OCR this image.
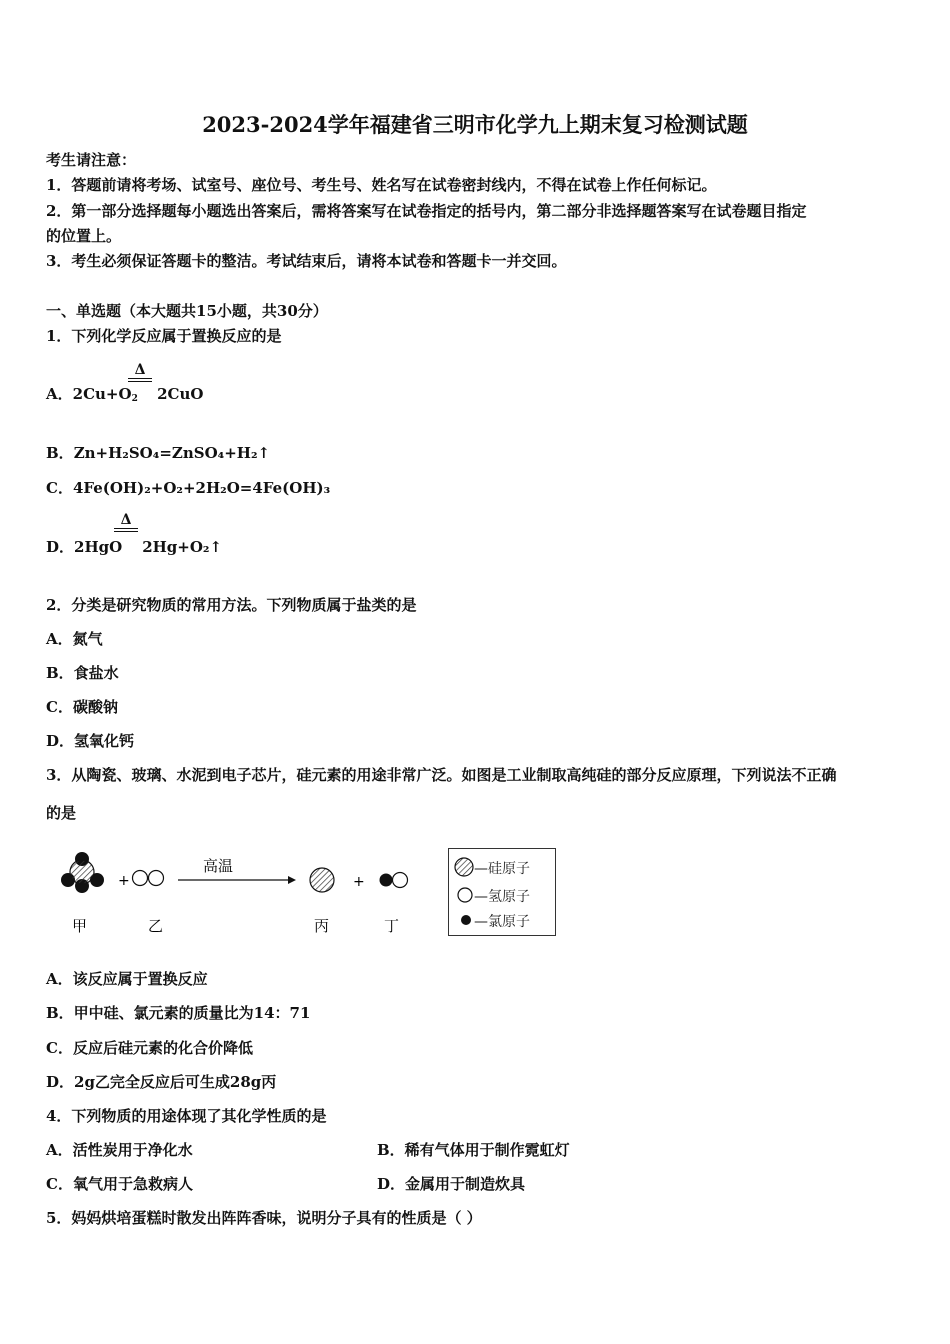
2023-2024学年福建省三明市化学九上期末复习检测试题
考生请注意：
1．答题前请将考场、试室号、座位号、考生号、姓名写在试卷密封线内，不得在试卷上作任何标记。
2．第一部分选择题每小题选出答案后，需将答案写在试卷指定的括号内，第二部分非选择题答案写在试卷题目指定
的位置上。
3．考生必须保证答题卡的整洁。考试结束后，请将本试卷和答题卡一并交回。
一、单选题（本大题共15小题，共30分）
1．下列化学反应属于置换反应的是
Δ
A．$2Cu+O_2$ 2CuO
B．Zn+H₂SO₄=ZnSO₄+H₂↑
C．4Fe(OH)₂+O₂+2H₂O=4Fe(OH)₃
Δ
D．2HgO 2Hg+O₂↑
2．分类是研究物质的常用方法。下列物质属于盐类的是
A．氮气
B．食盐水
C．碳酸钠
D．氢氧化钙
3．从陶瓷、玻璃、水泥到电子芯片，硅元素的用途非常广泛。如图是工业制取高纯硅的部分反应原理，下列说法不正确
的是
+
高温
+
甲	乙	丙	丁
—硅原子
—氢原子
—氯原子
A．该反应属于置换反应
B．甲中硅、氯元素的质量比为14：71
C．反应后硅元素的化合价降低
D．2g乙完全反应后可生成28g丙
4．下列物质的用途体现了其化学性质的是
A．活性炭用于净化水	B．稀有气体用于制作霓虹灯
C．氧气用于急救病人	D．金属用于制造炊具
5．妈妈烘培蛋糕时散发出阵阵香味，说明分子具有的性质是（ ）
